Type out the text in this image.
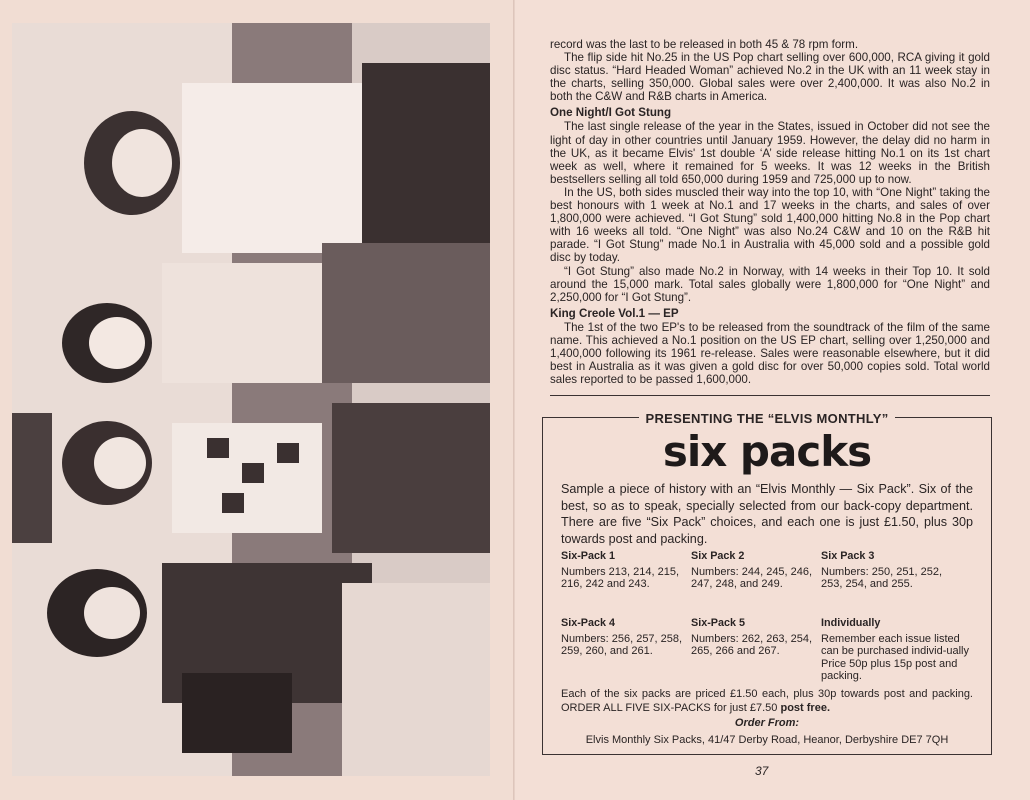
record was the last to be released in both 45 & 78 rpm form.

The flip side hit No.25 in the US Pop chart selling over 600,000, RCA giving it gold disc status. “Hard Headed Woman” achieved No.2 in the UK with an 11 week stay in the charts, selling 350,000. Global sales were over 2,400,000. It was also No.2 in both the C&W and R&B charts in America.

One Night/I Got Stung

The last single release of the year in the States, issued in October did not see the light of day in other countries until January 1959. However, the delay did no harm in the UK, as it became Elvis' 1st double ‘A’ side release hitting No.1 on its 1st chart week as well, where it remained for 5 weeks. It was 12 weeks in the British bestsellers selling all told 650,000 during 1959 and 725,000 up to now.

In the US, both sides muscled their way into the top 10, with “One Night” taking the best honours with 1 week at No.1 and 17 weeks in the charts, and sales of over 1,800,000 were achieved. “I Got Stung” sold 1,400,000 hitting No.8 in the Pop chart with 16 weeks all told. “One Night” was also No.24 C&W and 10 on the R&B hit parade. “I Got Stung” made No.1 in Australia with 45,000 sold and a possible gold disc by today.

“I Got Stung” also made No.2 in Norway, with 14 weeks in their Top 10. It sold around the 15,000 mark. Total sales globally were 1,800,000 for “One Night” and 2,250,000 for “I Got Stung”.

King Creole Vol.1 — EP

The 1st of the two EP's to be released from the soundtrack of the film of the same name. This achieved a No.1 position on the US EP chart, selling over 1,250,000 and 1,400,000 following its 1961 re-release. Sales were reasonable elsewhere, but it did best in Australia as it was given a gold disc for over 50,000 copies sold. Total world sales reported to be passed 1,600,000.

PRESENTING THE “ELVIS MONTHLY”
six packs
Sample a piece of history with an “Elvis Monthly — Six Pack”. Six of the best, so as to speak, specially selected from our back-copy department. There are five “Six Pack” choices, and each one is just £1.50, plus 30p towards post and packing.
Six-Pack 1
Numbers 213, 214, 215, 216, 242 and 243.
Six Pack 2
Numbers: 244, 245, 246, 247, 248, and 249.
Six Pack 3
Numbers: 250, 251, 252, 253, 254, and 255.
Six-Pack 4
Numbers: 256, 257, 258, 259, 260, and 261.
Six-Pack 5
Numbers: 262, 263, 254, 265, 266 and 267.
Individually
Remember each issue listed can be purchased individ-ually Price 50p plus 15p post and packing.
Each of the six packs are priced £1.50 each, plus 30p towards post and packing. ORDER ALL FIVE SIX-PACKS for just £7.50 post free.
Order From:
Elvis Monthly Six Packs, 41/47 Derby Road, Heanor, Derbyshire DE7 7QH
37
